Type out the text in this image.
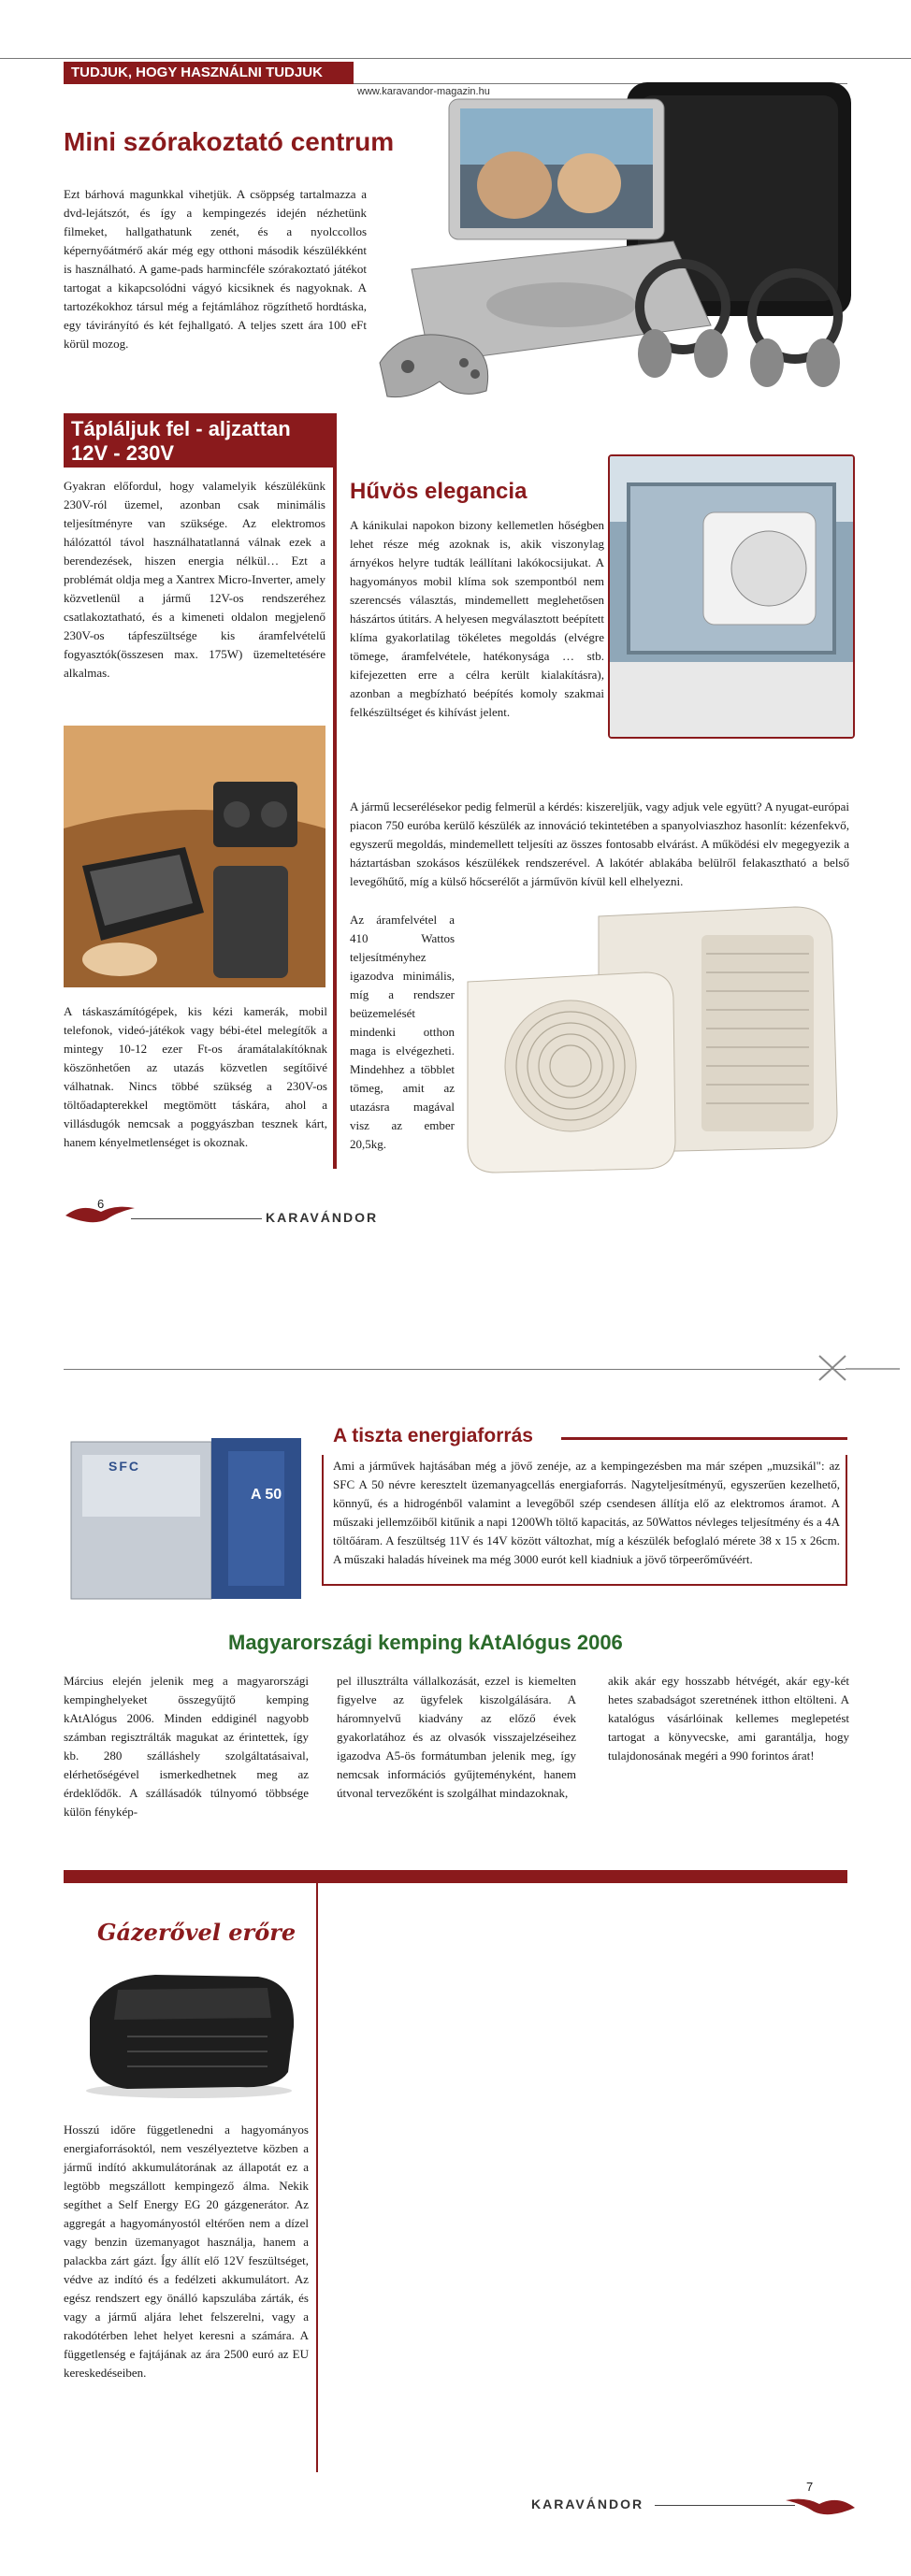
TUDJUK, HOGY HASZNÁLNI TUDJUK
www.karavandor-magazin.hu
Mini szórakoztató centrum
Ezt bárhová magunkkal vihetjük. A csöppség tartalmazza a dvd-lejátszót, és így a kempingezés idején nézhetünk filmeket, hallgathatunk zenét, és a nyolccollos képernyőátmérő akár még egy otthoni második készülékként is használható. A game-pads harmincféle szórakoztató játékot tartogat a kikapcsolódni vágyó kicsiknek és nagyoknak. A tartozékokhoz társul még a fejtámlához rögzíthető hordtáska, egy távirányító és két fejhallgató. A teljes szett ára 100 eFt körül mozog.
Tápláljuk fel - aljzattan
12V - 230V
Gyakran előfordul, hogy valamelyik készülékünk 230V-ról üzemel, azonban csak minimális teljesítményre van szüksége. Az elektromos hálózattól távol használhatatlanná válnak ezek a berendezések, hiszen energia nélkül… Ezt a problémát oldja meg a Xantrex Micro-Inverter, amely közvetlenül a jármű 12V-os rendszeréhez csatlakoztatható, és a kimeneti oldalon megjelenő 230V-os tápfeszültsége kis áramfelvételű fogyasztók(összesen max. 175W) üzemeltetésére alkalmas.
A táskaszámítógépek, kis kézi kamerák, mobil telefonok, videó-játékok vagy bébi-étel melegítők a mintegy 10-12 ezer Ft-os áramátalakítóknak köszönhetően az utazás közvetlen segítőivé válhatnak. Nincs többé szükség a 230V-os töltőadapterekkel megtömött táskára, ahol a villásdugók nemcsak a poggyászban tesznek kárt, hanem kényelmetlenséget is okoznak.
Hűvös elegancia
A kánikulai napokon bizony kellemetlen hőségben lehet része még azoknak is, akik viszonylag árnyékos helyre tudták leállítani lakókocsijukat. A hagyományos mobil klíma sok szempontból nem szerencsés választás, mindemellett meglehetősen hászártos útitárs. A helyesen megválasztott beépített klíma gyakorlatilag tökéletes megoldás (elvégre tömege, áramfelvétele, hatékonysága … stb. kifejezetten erre a célra került kialakításra), azonban a megbízható beépítés komoly szakmai felkészültséget és kihívást jelent.
A jármű lecserélésekor pedig felmerül a kérdés: kiszereljük, vagy adjuk vele együtt? A nyugat-európai piacon 750 euróba kerülő készülék az innováció tekintetében a spanyolviaszhoz hasonlít: kézenfekvő, egyszerű megoldás, mindemellett teljesíti az összes fontosabb elvárást. A működési elv megegyezik a háztartásban szokásos készülékek rendszerével. A lakótér ablakába belülről felakasztható a belső levegőhűtő, míg a külső hőcserélőt a járművön kívül kell elhelyezni.
Az áramfelvétel a 410 Wattos teljesítményhez igazodva minimális, míg a rendszer beüzemelését mindenki otthon maga is elvégezheti. Mindehhez a többlet tömeg, amit az utazásra magával visz az ember 20,5kg.
6
KARAVÁNDOR
SFC
A 50
A tiszta energiaforrás
Ami a járművek hajtásában még a jövő zenéje, az a kempingezésben ma már szépen „muzsikál": az SFC A 50 névre keresztelt üzemanyagcellás energiaforrás. Nagyteljesítményű, egyszerűen kezelhető, könnyű, és a hidrogénből valamint a levegőből szép csendesen állítja elő az elektromos áramot. A műszaki jellemzőiből kitűnik a napi 1200Wh töltő kapacitás, az 50Wattos névleges teljesítmény és a 4A töltőáram. A feszültség 11V és 14V között változhat, míg a készülék befoglaló mérete 38 x 15 x 26cm. A műszaki haladás híveinek ma még 3000 eurót kell kiadniuk a jövő törpeerőművéért.
Magyarországi kemping kAtAlógus 2006
Március elején jelenik meg a magyarországi kempinghelyeket összegyűjtő kemping kAtAlógus 2006. Minden eddiginél nagyobb számban regisztrálták magukat az érintettek, így kb. 280 szálláshely szolgáltatásaival, elérhetőségével ismerkedhetnek meg az érdeklődők. A szállásadók túlnyomó többsége külön fénykép-
pel illusztrálta vállalkozását, ezzel is kiemelten figyelve az ügyfelek kiszolgálására. A háromnyelvű kiadvány az előző évek gyakorlatához és az olvasók visszajelzéseihez igazodva A5-ös formátumban jelenik meg, így nemcsak információs gyűjteményként, hanem útvonal tervezőként is szolgálhat mindazoknak,
akik akár egy hosszabb hétvégét, akár egy-két hetes szabadságot szeretnének itthon eltölteni. A katalógus vásárlóinak kellemes meglepetést tartogat a könyvecske, ami garantálja, hogy tulajdonosának megéri a 990 forintos árat!
Gázerővel erőre
Hosszú időre függetlenedni a hagyományos energiaforrásoktól, nem veszélyeztetve közben a jármű indító akkumulátorának az állapotát ez a legtöbb megszállott kempingező álma. Nekik segíthet a Self Energy EG 20 gázgenerátor. Az aggregát a hagyományostól eltérően nem a dízel vagy benzin üzemanyagot használja, hanem a palackba zárt gázt. Így állít elő 12V feszültséget, védve az indító és a fedélzeti akkumulátort. Az egész rendszert egy önálló kapszulába zárták, és vagy a jármű aljára lehet felszerelni, vagy a rakodótérben lehet helyet keresni a számára. A függetlenség e fajtájának az ára 2500 euró az EU kereskedéseiben.
KARAVÁNDOR
7
